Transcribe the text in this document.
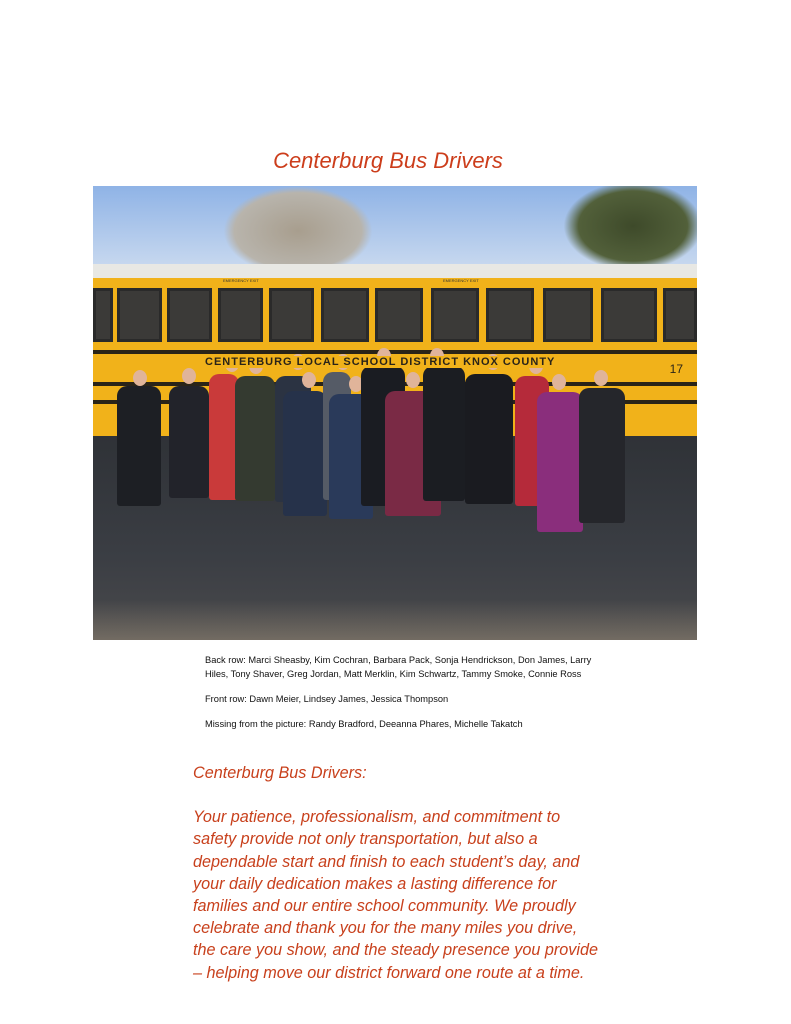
Centerburg Bus Drivers
EMERGENCY EXIT	EMERGENCY EXIT
CENTERBURG LOCAL SCHOOL DISTRICT KNOX COUNTY	17

Back row: Marci Sheasby, Kim Cochran, Barbara Pack, Sonja Hendrickson, Don James, Larry
Hiles, Tony Shaver, Greg Jordan, Matt Merklin, Kim Schwartz, Tammy Smoke, Connie Ross

Front row: Dawn Meier, Lindsey James, Jessica Thompson

Missing from the picture: Randy Bradford, Deeanna Phares, Michelle Takatch

Centerburg Bus Drivers:
Your patience, professionalism, and commitment to
safety provide not only transportation, but also a
dependable start and finish to each student’s day, and
your daily dedication makes a lasting difference for
families and our entire school community. We proudly
celebrate and thank you for the many miles you drive,
the care you show, and the steady presence you provide
– helping move our district forward one route at a time.
